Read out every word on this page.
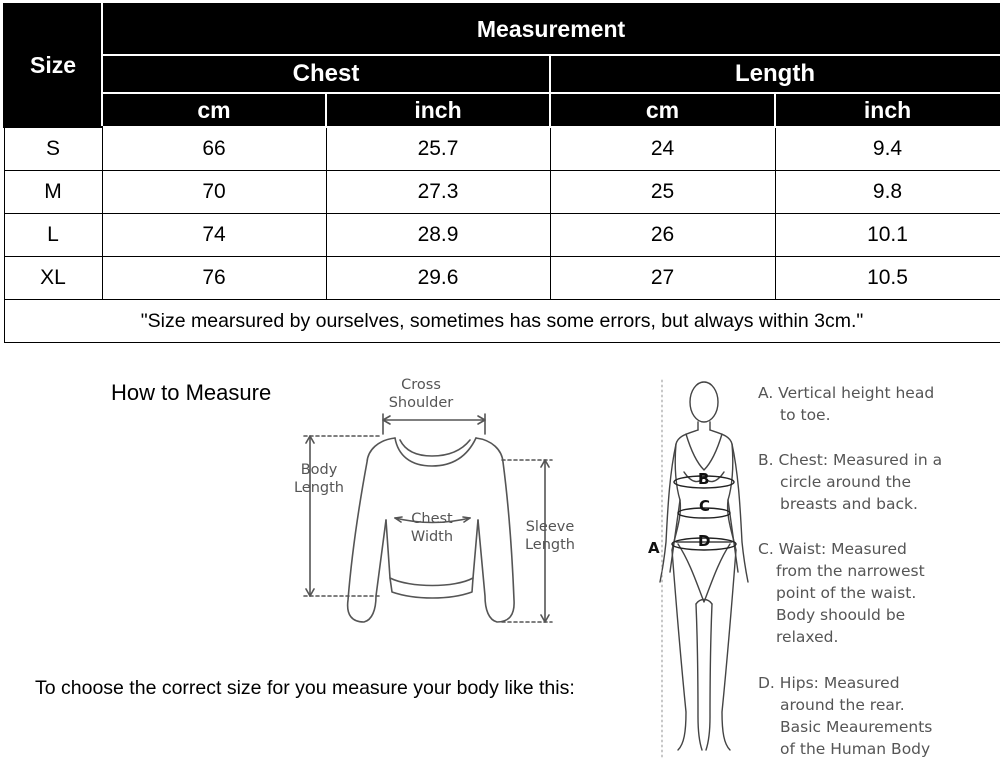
Size	Measurement			
	Chest		Length	
	cm	inch	cm	inch
S	66	25.7	24	9.4
M	70	27.3	25	9.8
L	74	28.9	26	10.1
XL	76	29.6	27	10.5
"Size mearsured by ourselves, sometimes has some errors, but always within 3cm."				
How to Measure	Cross
Shoulder
Body
Length
Chest
Width
Sleeve
Length
To choose the correct size for you measure your body like this:
B
C
D
A
A. Vertical height head
to toe.
B. Chest: Measured in a
circle around the
breasts and back.
C. Waist: Measured
from the narrowest
point of the waist.
Body shoould be
relaxed.
D. Hips: Measured
around the rear.
Basic Meaurements
of the Human Body
